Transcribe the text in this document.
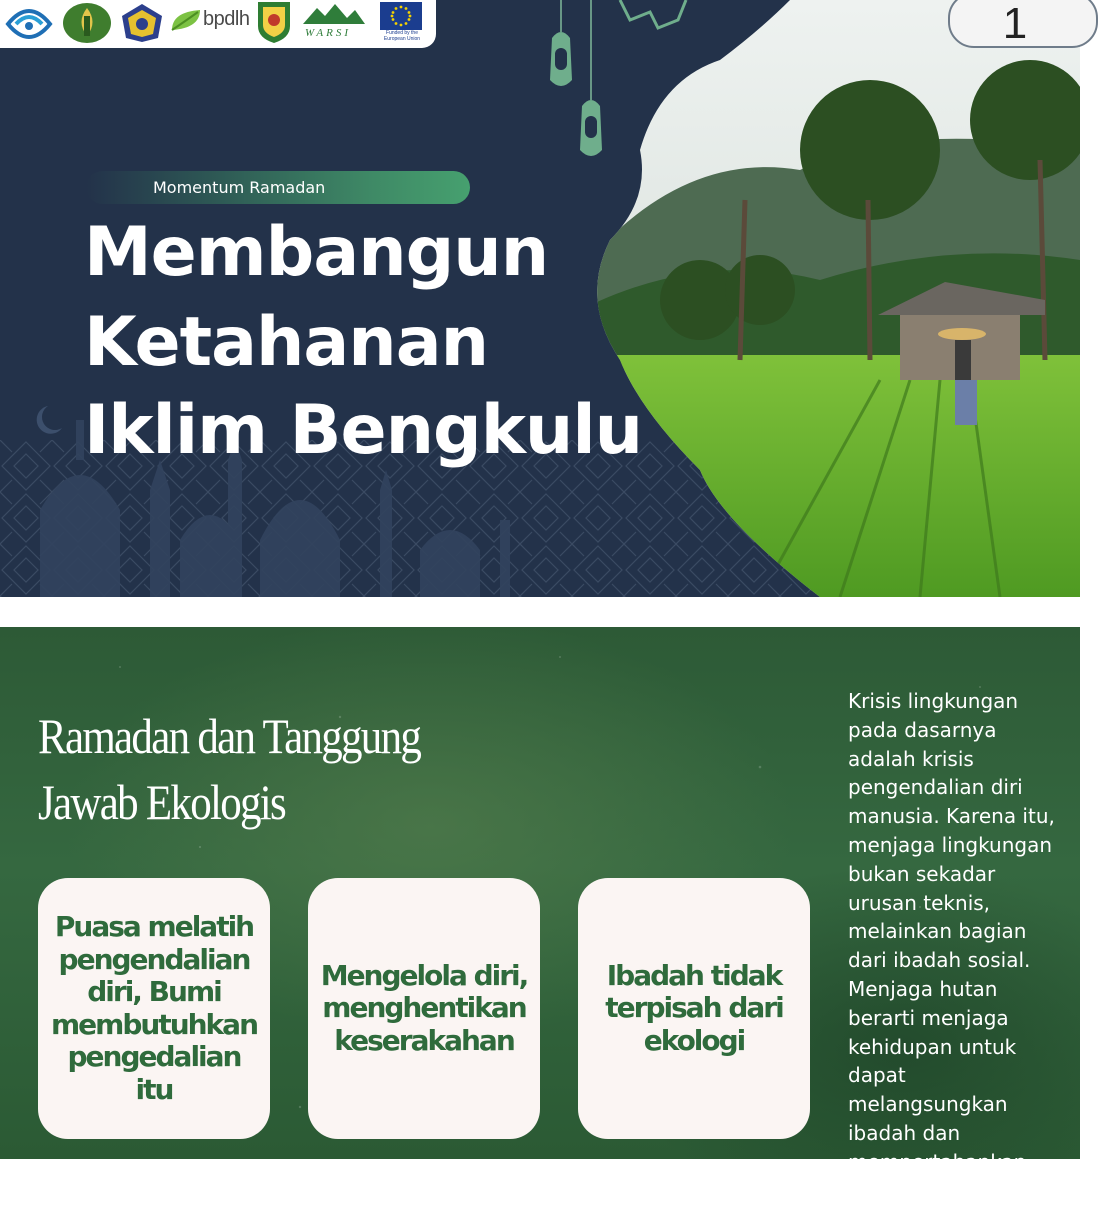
bpdlh
WARSI	Funded by the European Union	1
Momentum Ramadan
Membangun
Ketahanan
Iklim Bengkulu
Ramadan dan Tanggung
Jawab Ekologis
Krisis lingkungan pada dasarnya adalah krisis pengendalian diri manusia. Karena itu, menjaga lingkungan bukan sekadar urusan teknis, melainkan bagian dari ibadah sosial. Menjaga hutan berarti menjaga kehidupan untuk dapat melangsungkan ibadah dan mempertahankan hidup
Puasa melatih pengendalian diri, Bumi membutuhkan pengedalian itu
Mengelola diri, menghentikan keserakahan
Ibadah tidak terpisah dari ekologi
